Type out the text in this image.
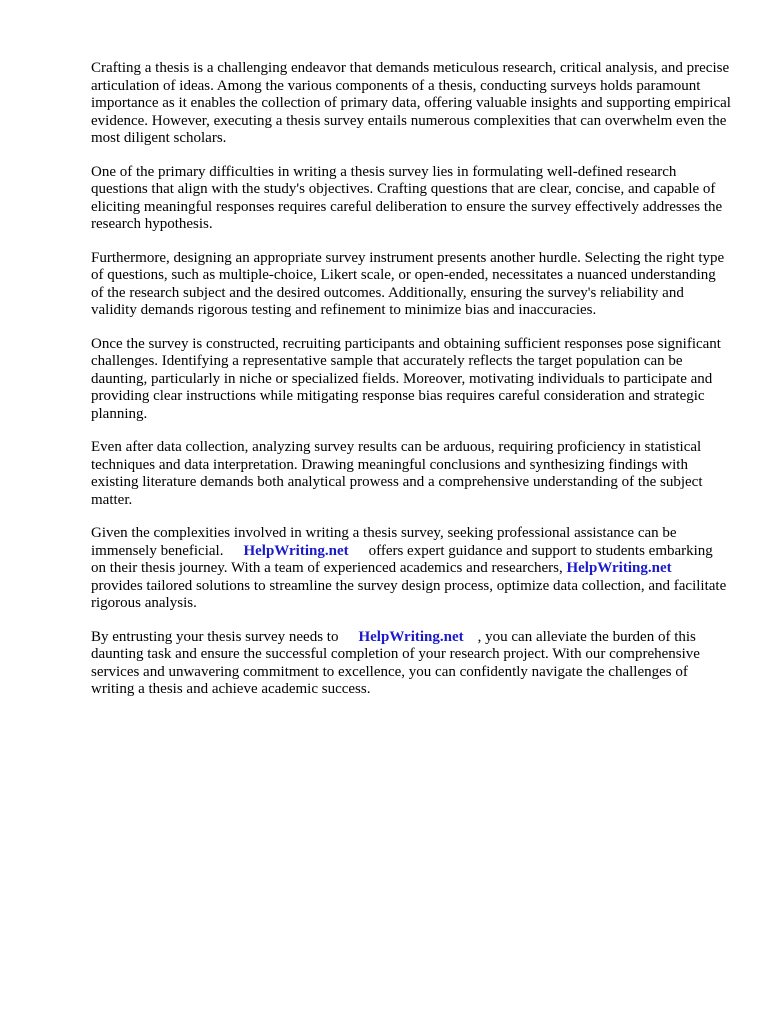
Crafting a thesis is a challenging endeavor that demands meticulous research, critical analysis, and precise articulation of ideas. Among the various components of a thesis, conducting surveys holds paramount importance as it enables the collection of primary data, offering valuable insights and supporting empirical evidence. However, executing a thesis survey entails numerous complexities that can overwhelm even the most diligent scholars.

One of the primary difficulties in writing a thesis survey lies in formulating well-defined research questions that align with the study's objectives. Crafting questions that are clear, concise, and capable of eliciting meaningful responses requires careful deliberation to ensure the survey effectively addresses the research hypothesis.

Furthermore, designing an appropriate survey instrument presents another hurdle. Selecting the right type of questions, such as multiple-choice, Likert scale, or open-ended, necessitates a nuanced understanding of the research subject and the desired outcomes. Additionally, ensuring the survey's reliability and validity demands rigorous testing and refinement to minimize bias and inaccuracies.

Once the survey is constructed, recruiting participants and obtaining sufficient responses pose significant challenges. Identifying a representative sample that accurately reflects the target population can be daunting, particularly in niche or specialized fields. Moreover, motivating individuals to participate and providing clear instructions while mitigating response bias requires careful consideration and strategic planning.

Even after data collection, analyzing survey results can be arduous, requiring proficiency in statistical techniques and data interpretation. Drawing meaningful conclusions and synthesizing findings with existing literature demands both analytical prowess and a comprehensive understanding of the subject matter.

Given the complexities involved in writing a thesis survey, seeking professional assistance can be immensely beneficial. HelpWriting.net offers expert guidance and support to students embarking on their thesis journey. With a team of experienced academics and researchers, HelpWriting.netprovides tailored solutions to streamline the survey design process, optimize data collection, and facilitate rigorous analysis.

By entrusting your thesis survey needs to HelpWriting.net , you can alleviate the burden of this daunting task and ensure the successful completion of your research project. With our comprehensive services and unwavering commitment to excellence, you can confidently navigate the challenges of writing a thesis and achieve academic success.
